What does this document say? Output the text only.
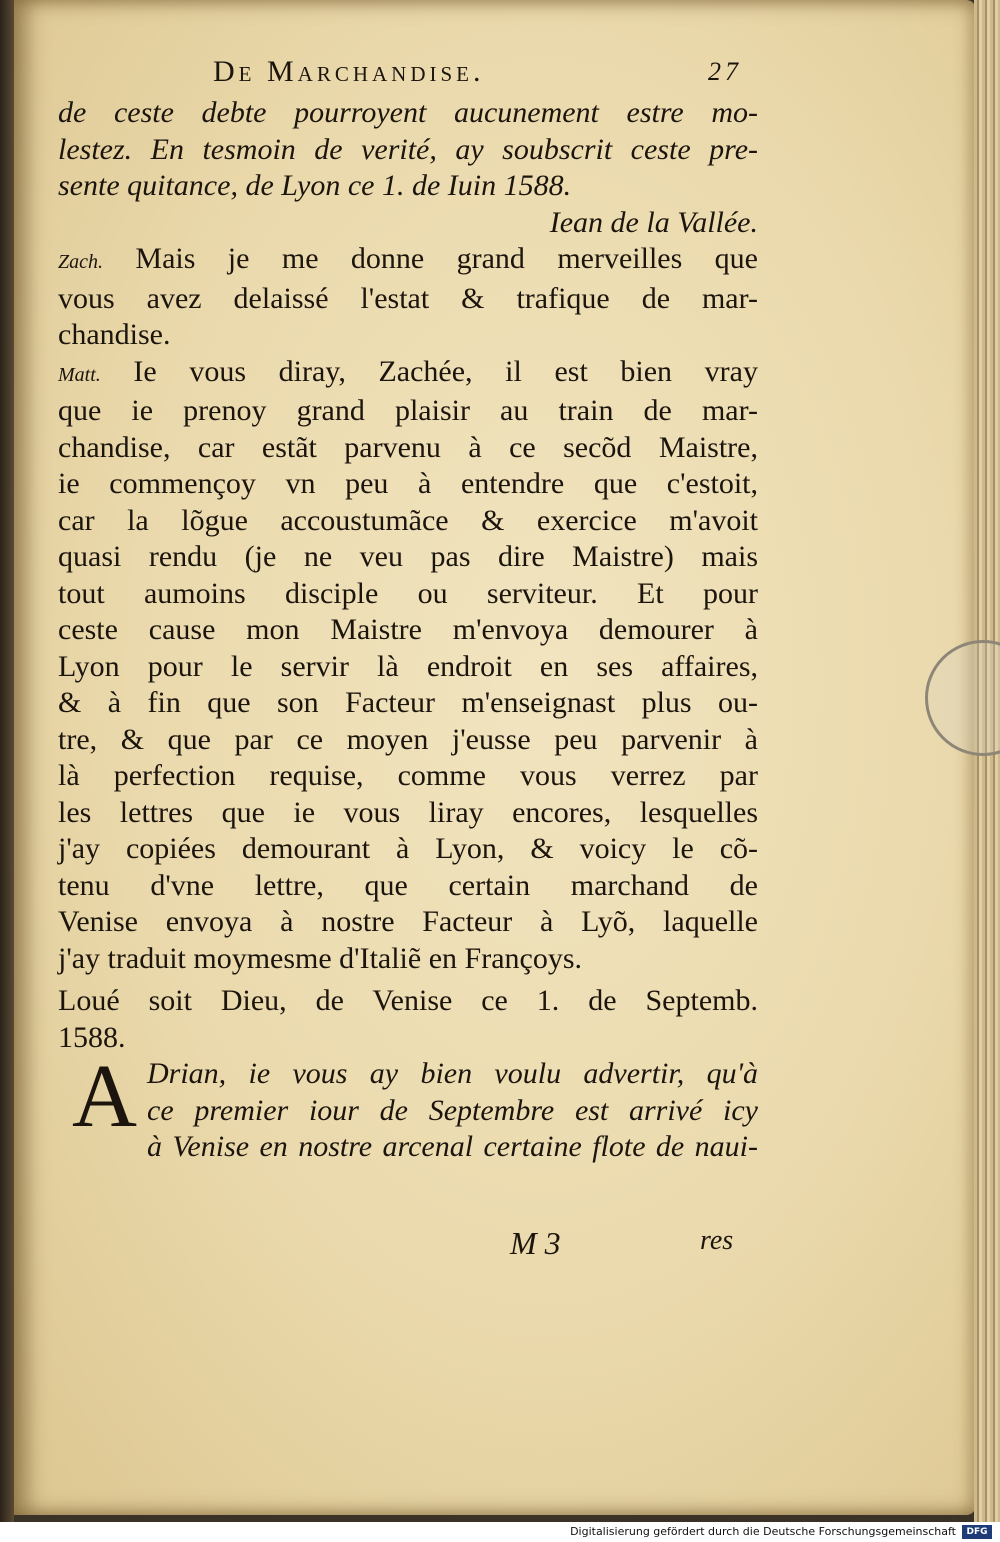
De Marchandise.	27
de ceste debte pourroyent aucunement estre mo-
lestez. En tesmoin de verité, ay soubscrit ceste pre-
sente quitance, de Lyon ce 1. de Iuin 1588.
Iean de la Vallée.
Zach. Mais je me donne grand merveilles que
vous avez delaissé l'estat & trafique de mar-
chandise.
Matt. Ie vous diray, Zachée, il est bien vray
que ie prenoy grand plaisir au train de mar-
chandise, car estãt parvenu à ce secõd Maistre,
ie commençoy vn peu à entendre que c'estoit,
car la lõgue accoustumãce & exercice m'avoit
quasi rendu (je ne veu pas dire Maistre) mais
tout aumoins disciple ou serviteur. Et pour
ceste cause mon Maistre m'envoya demourer à
Lyon pour le servir là endroit en ses affaires,
& à fin que son Facteur m'enseignast plus ou-
tre, & que par ce moyen j'eusse peu parvenir à
là perfection requise, comme vous verrez par
les lettres que ie vous liray encores, lesquelles
j'ay copiées demourant à Lyon, & voicy le cõ-
tenu d'vne lettre, que certain marchand de
Venise envoya à nostre Facteur à Lyõ, laquelle
j'ay traduit moymesme d'Italiẽ en Françoys.
Loué soit Dieu, de Venise ce 1. de Septemb.
1588.
A Drian, ie vous ay bien voulu advertir, qu'à
ce premier iour de Septembre est arrivé icy
à Venise en nostre arcenal certaine flote de naui-
M 3	res
Digitalisierung gefördert durch die Deutsche Forschungsgemeinschaft	DFG
